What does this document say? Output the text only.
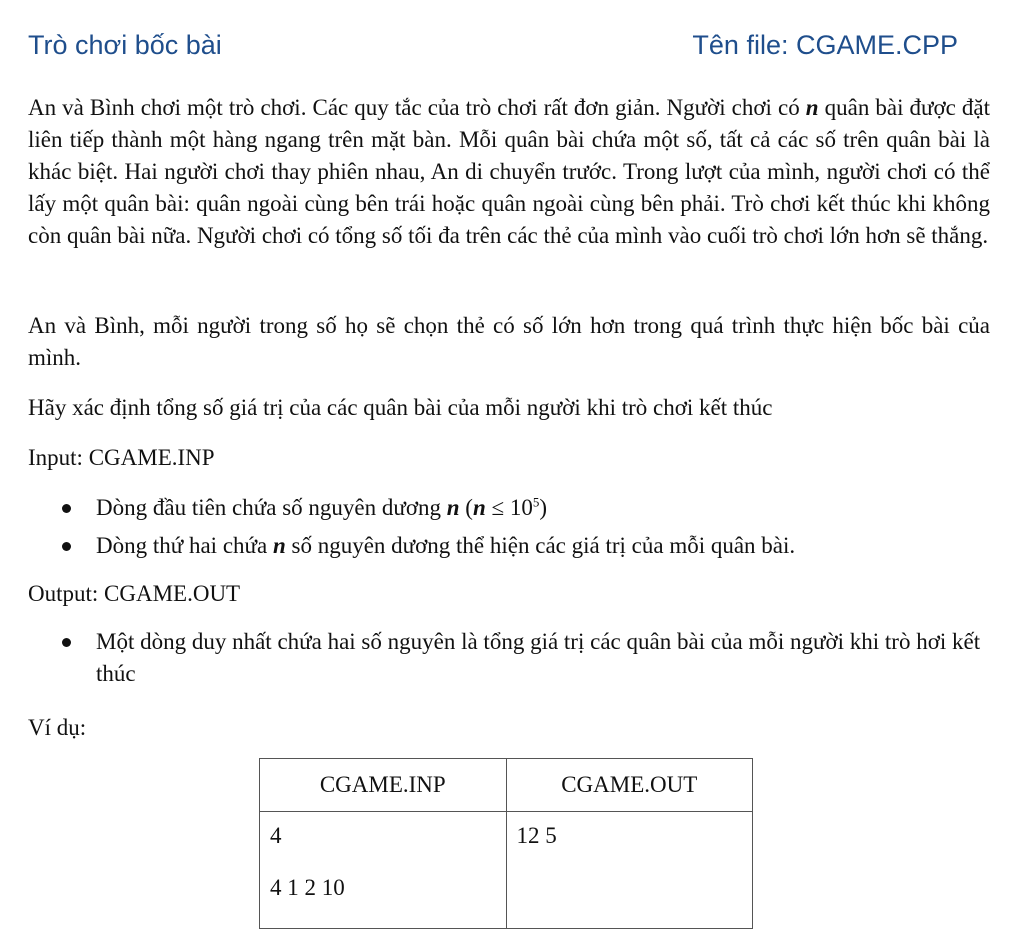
Trò chơi bốc bài	Tên file: CGAME.CPP
An và Bình chơi một trò chơi. Các quy tắc của trò chơi rất đơn giản. Người chơi có n quân bài được đặt liên tiếp thành một hàng ngang trên mặt bàn. Mỗi quân bài chứa một số, tất cả các số trên quân bài là khác biệt. Hai người chơi thay phiên nhau, An di chuyển trước. Trong lượt của mình, người chơi có thể lấy một quân bài: quân ngoài cùng bên trái hoặc quân ngoài cùng bên phải. Trò chơi kết thúc khi không còn quân bài nữa. Người chơi có tổng số tối đa trên các thẻ của mình vào cuối trò chơi lớn hơn sẽ thắng.
An và Bình, mỗi người trong số họ sẽ chọn thẻ có số lớn hơn trong quá trình thực hiện bốc bài của mình.
Hãy xác định tổng số giá trị của các quân bài của mỗi người khi trò chơi kết thúc
Input: CGAME.INP
Dòng đầu tiên chứa số nguyên dương n $(n \le 10^5)$
Dòng thứ hai chứa n số nguyên dương thể hiện các giá trị của mỗi quân bài.
Output: CGAME.OUT
Một dòng duy nhất chứa hai số nguyên là tổng giá trị các quân bài của mỗi người khi trò hơi kết thúc
Ví dụ:
CGAME.INP	CGAME.OUT

4
4 1 2 10	12 5
